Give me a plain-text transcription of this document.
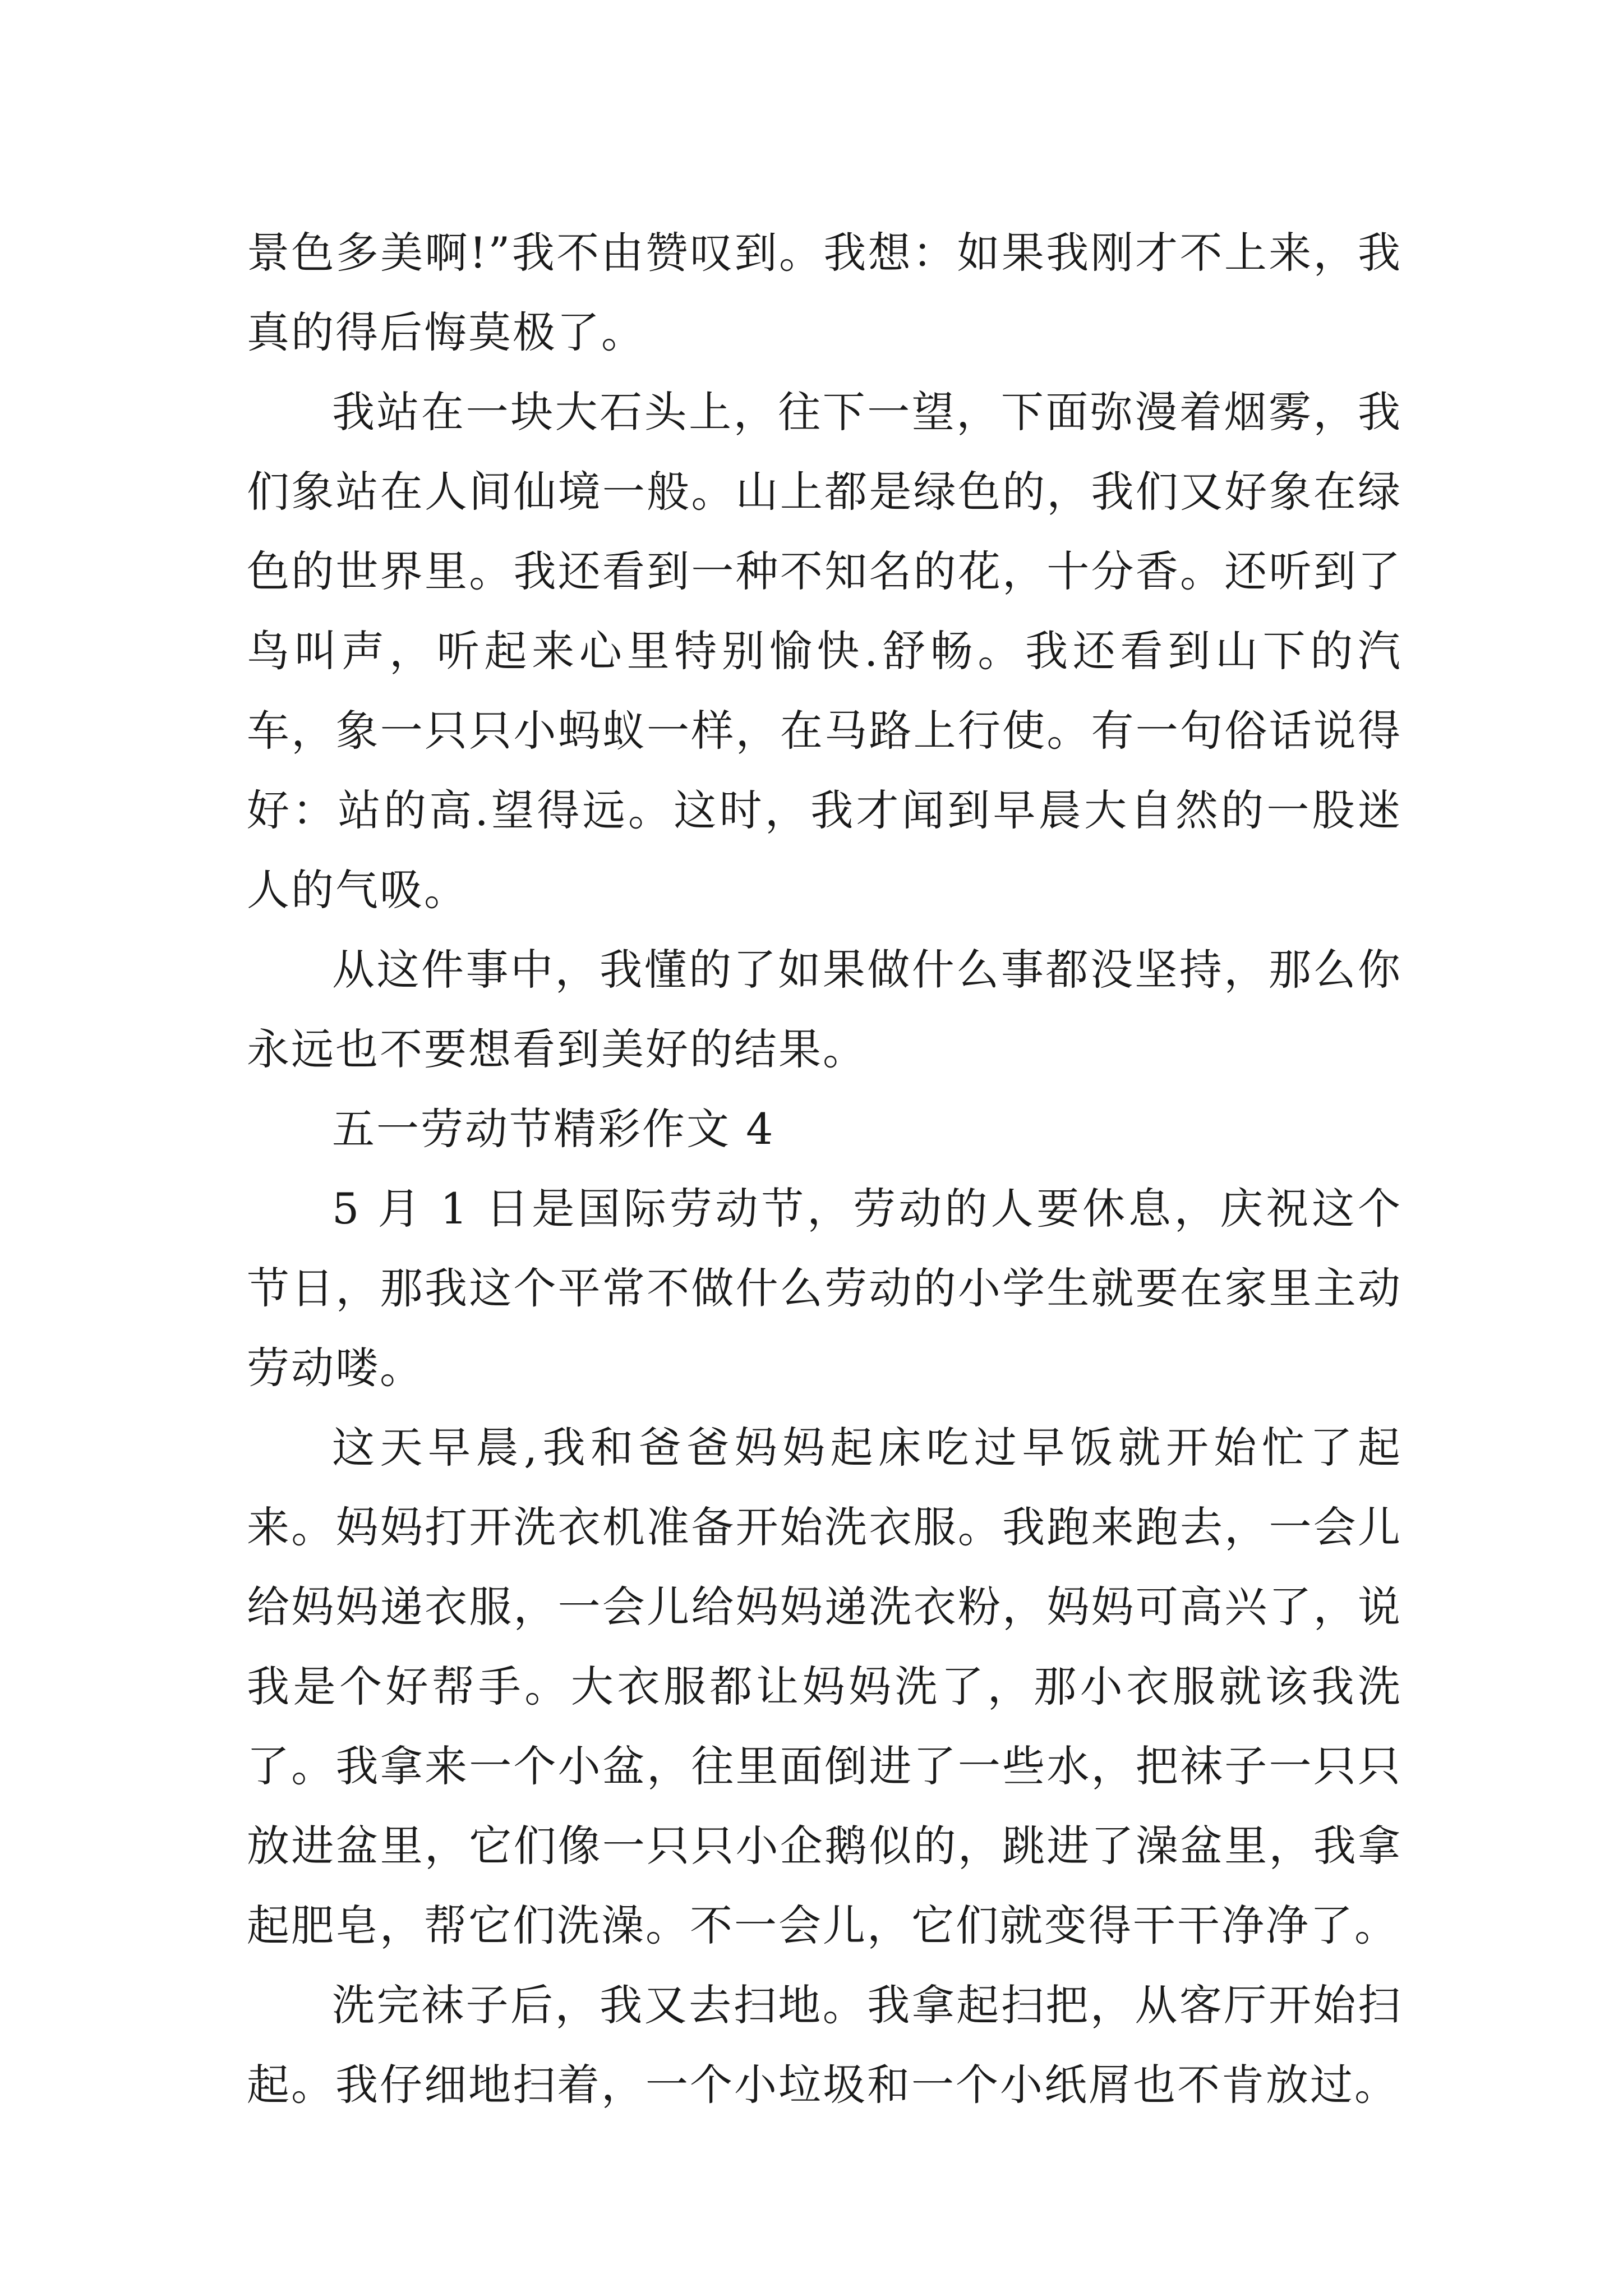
景色多美啊!”我不由赞叹到。我想：如果我刚才不上来，我真的得后悔莫极了。

我站在一块大石头上，往下一望，下面弥漫着烟雾，我们象站在人间仙境一般。山上都是绿色的，我们又好象在绿色的世界里。我还看到一种不知名的花，十分香。还听到了鸟叫声，听起来心里特别愉快.舒畅。我还看到山下的汽车，象一只只小蚂蚁一样，在马路上行使。有一句俗话说得好：站的高.望得远。这时，我才闻到早晨大自然的一股迷人的气吸。

从这件事中，我懂的了如果做什么事都没坚持，那么你永远也不要想看到美好的结果。

五一劳动节精彩作文 4

5 月 1 日是国际劳动节，劳动的人要休息，庆祝这个节日，那我这个平常不做什么劳动的小学生就要在家里主动劳动喽。

这天早晨,我和爸爸妈妈起床吃过早饭就开始忙了起来。妈妈打开洗衣机准备开始洗衣服。我跑来跑去，一会儿给妈妈递衣服，一会儿给妈妈递洗衣粉，妈妈可高兴了，说我是个好帮手。大衣服都让妈妈洗了，那小衣服就该我洗了。我拿来一个小盆，往里面倒进了一些水，把袜子一只只放进盆里，它们像一只只小企鹅似的，跳进了澡盆里，我拿起肥皂，帮它们洗澡。不一会儿，它们就变得干干净净了。

洗完袜子后，我又去扫地。我拿起扫把，从客厅开始扫起。我仔细地扫着，一个小垃圾和一个小纸屑也不肯放过。
